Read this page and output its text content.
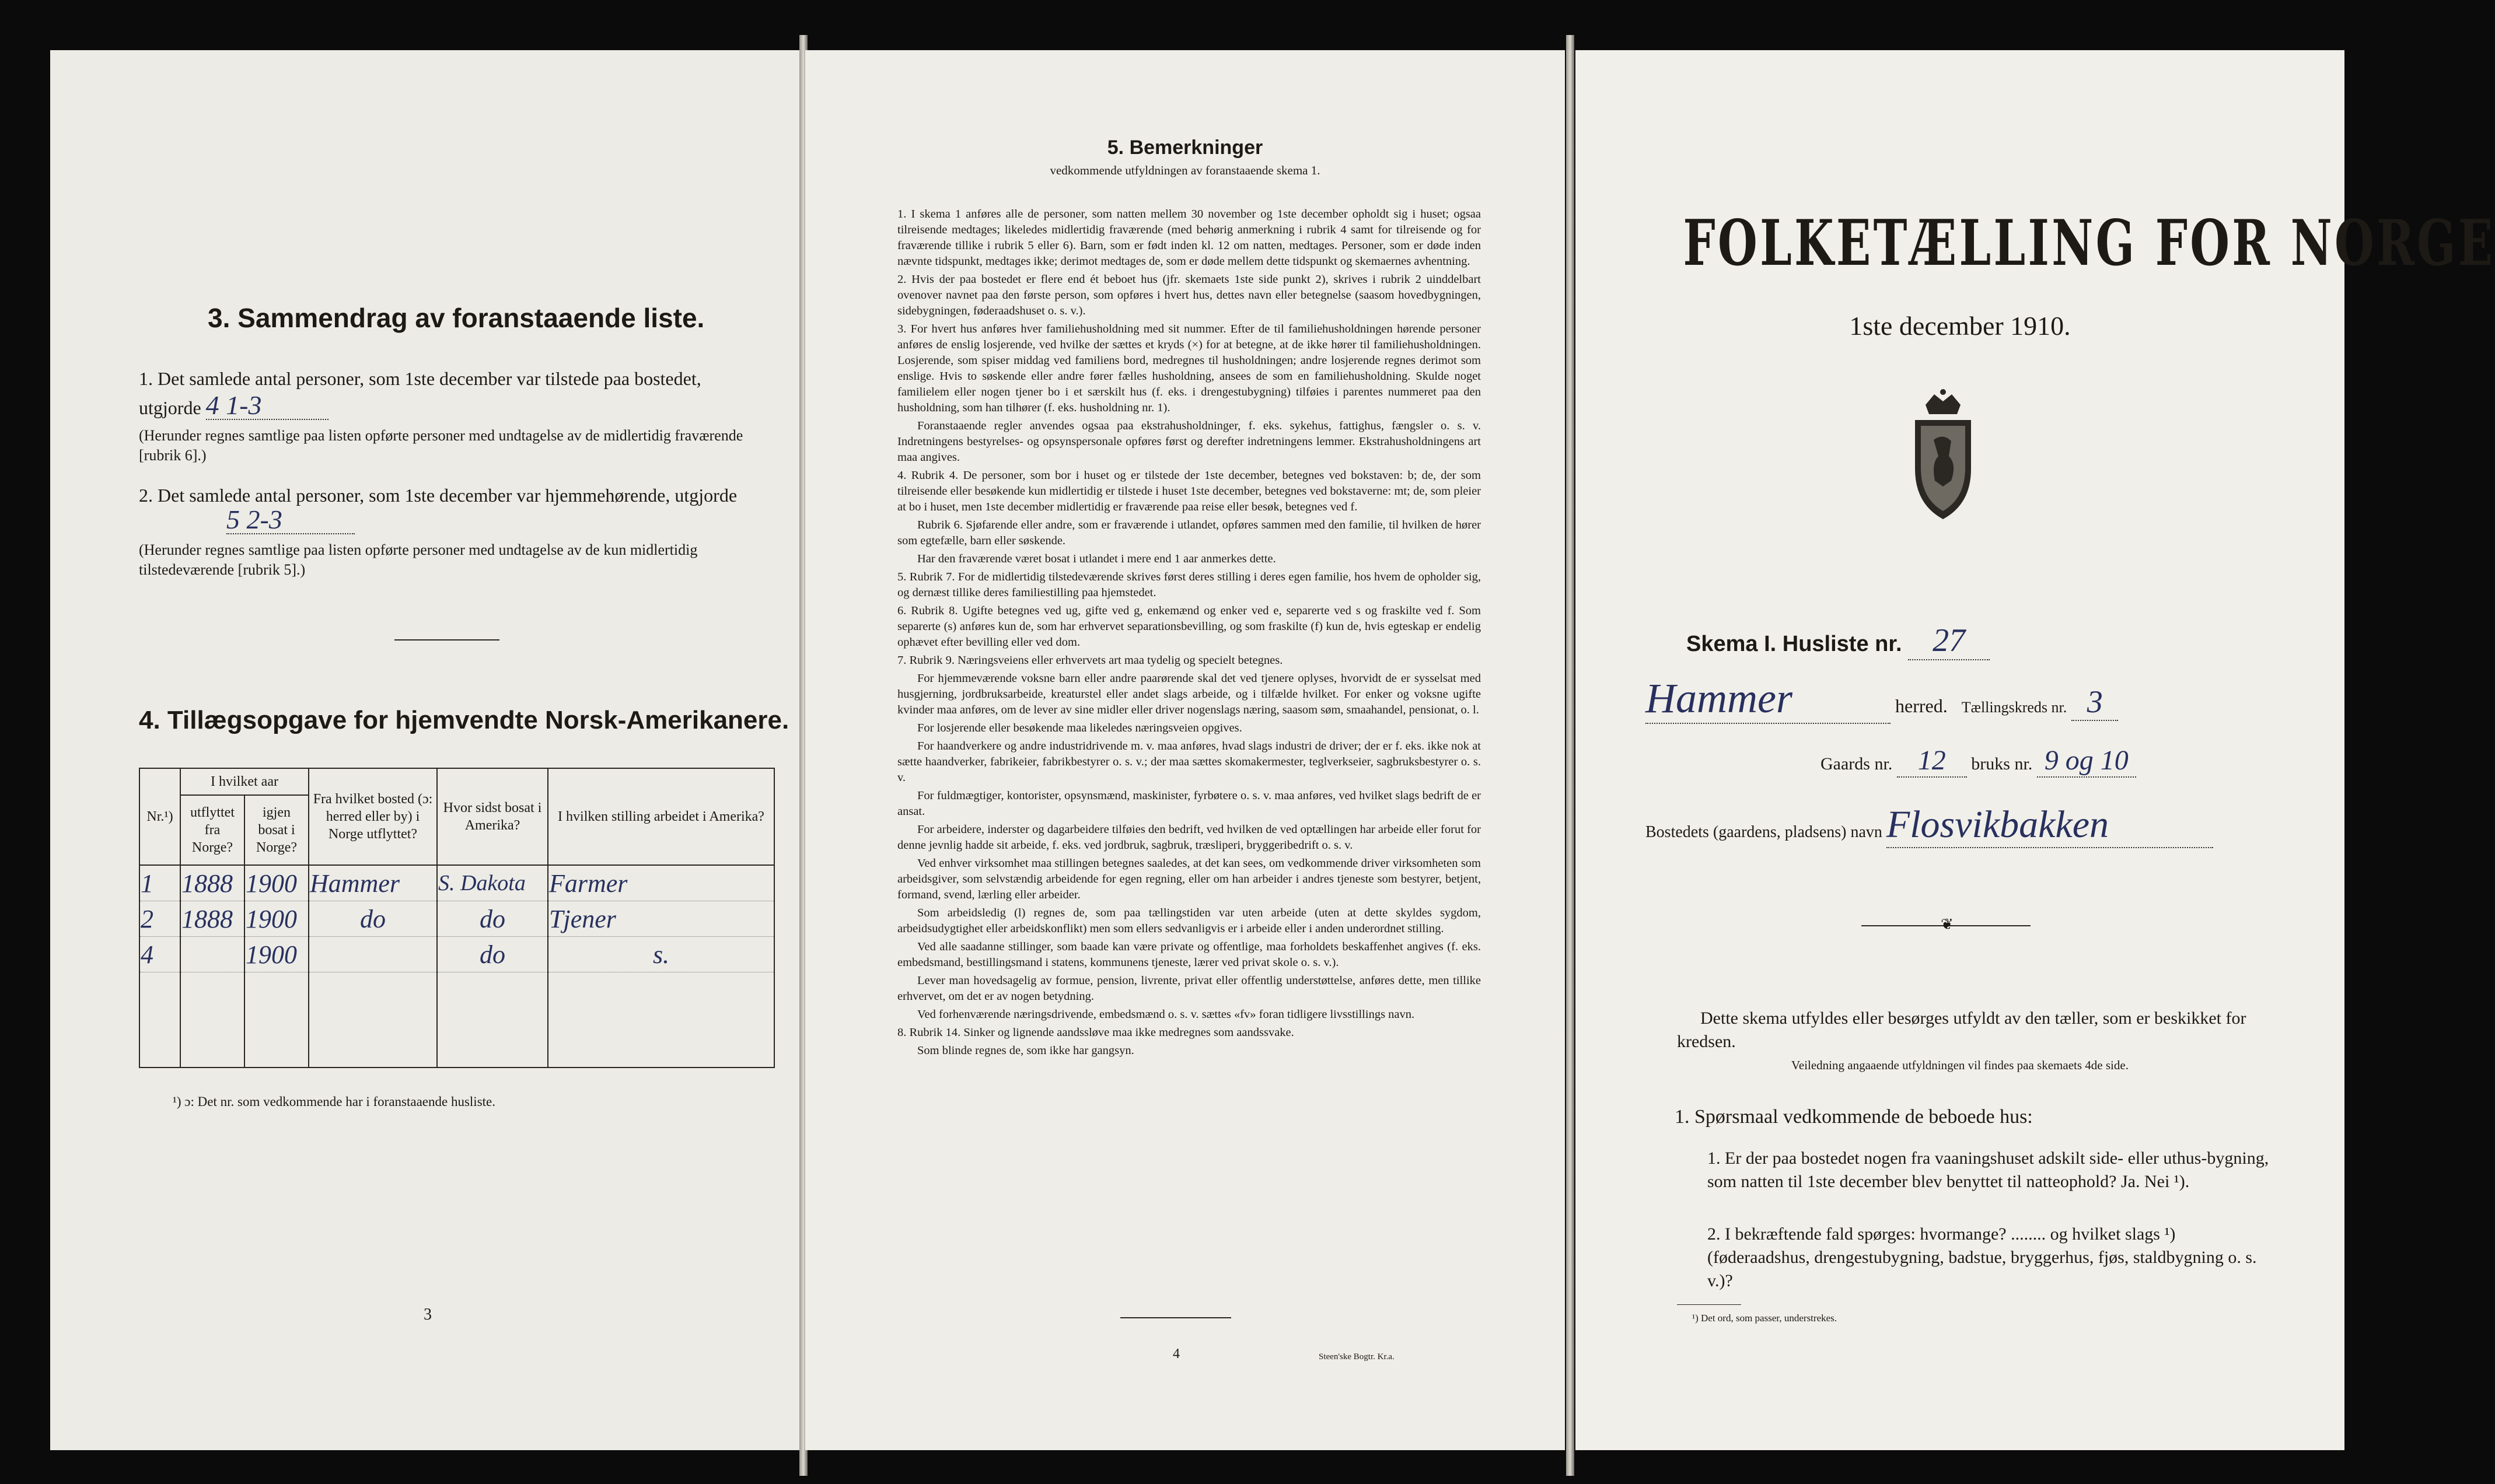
3. Sammendrag av foranstaaende liste.
1. Det samlede antal personer, som 1ste december var tilstede paa bostedet,
utgjorde 4 1-3
(Herunder regnes samtlige paa listen opførte personer med undtagelse av de midlertidig fraværende [rubrik 6].)
2. Det samlede antal personer, som 1ste december var hjemmehørende, utgjorde
5 2-3
(Herunder regnes samtlige paa listen opførte personer med undtagelse av de kun midlertidig tilstedeværende [rubrik 5].)
4. Tillægsopgave for hjemvendte Norsk-Amerikanere.
Nr.¹)	I hvilket aar		Fra hvilket bosted (ɔ: herred eller by) i Norge utflyttet?	Hvor sidst bosat i Amerika?	I hvilken stilling arbeidet i Amerika?
	utflyttet fra Norge?	igjen bosat i Norge?			
1	1888	1900	Hammer	S. Dakota	Farmer
2	1888	1900	do	do	Tjener
4		1900		do	s.

¹) ɔ: Det nr. som vedkommende har i foranstaaende husliste.
3
5. Bemerkninger
vedkommende utfyldningen av foranstaaende skema 1.

1. I skema 1 anføres alle de personer, som natten mellem 30 november og 1ste december opholdt sig i huset; ogsaa tilreisende medtages; likeledes midlertidig fraværende (med behørig anmerkning i rubrik 4 samt for tilreisende og for fraværende tillike i rubrik 5 eller 6). Barn, som er født inden kl. 12 om natten, medtages. Personer, som er døde inden nævnte tidspunkt, medtages ikke; derimot medtages de, som er døde mellem dette tidspunkt og skemaernes avhentning.

2. Hvis der paa bostedet er flere end ét beboet hus (jfr. skemaets 1ste side punkt 2), skrives i rubrik 2 uinddelbart ovenover navnet paa den første person, som opføres i hvert hus, dettes navn eller betegnelse (saasom hovedbygningen, sidebygningen, føderaadshuset o. s. v.).

3. For hvert hus anføres hver familiehusholdning med sit nummer. Efter de til familiehusholdningen hørende personer anføres de enslig losjerende, ved hvilke der sættes et kryds (×) for at betegne, at de ikke hører til familiehusholdningen. Losjerende, som spiser middag ved familiens bord, medregnes til husholdningen; andre losjerende regnes derimot som enslige. Hvis to søskende eller andre fører fælles husholdning, ansees de som en familiehusholdning. Skulde noget familielem eller nogen tjener bo i et særskilt hus (f. eks. i drengestubygning) tilføies i parentes nummeret paa den husholdning, som han tilhører (f. eks. husholdning nr. 1).

Foranstaaende regler anvendes ogsaa paa ekstrahusholdninger, f. eks. sykehus, fattighus, fængsler o. s. v. Indretningens bestyrelses- og opsynspersonale opføres først og derefter indretningens lemmer. Ekstrahusholdningens art maa angives.

4. Rubrik 4. De personer, som bor i huset og er tilstede der 1ste december, betegnes ved bokstaven: b; de, der som tilreisende eller besøkende kun midlertidig er tilstede i huset 1ste december, betegnes ved bokstaverne: mt; de, som pleier at bo i huset, men 1ste december midlertidig er fraværende paa reise eller besøk, betegnes ved f.

Rubrik 6. Sjøfarende eller andre, som er fraværende i utlandet, opføres sammen med den familie, til hvilken de hører som egtefælle, barn eller søskende.

Har den fraværende været bosat i utlandet i mere end 1 aar anmerkes dette.

5. Rubrik 7. For de midlertidig tilstedeværende skrives først deres stilling i deres egen familie, hos hvem de opholder sig, og dernæst tillike deres familiestilling paa hjemstedet.

6. Rubrik 8. Ugifte betegnes ved ug, gifte ved g, enkemænd og enker ved e, separerte ved s og fraskilte ved f. Som separerte (s) anføres kun de, som har erhvervet separationsbevilling, og som fraskilte (f) kun de, hvis egteskap er endelig ophævet efter bevilling eller ved dom.

7. Rubrik 9. Næringsveiens eller erhvervets art maa tydelig og specielt betegnes.

For hjemmeværende voksne barn eller andre paarørende skal det ved tjenere oplyses, hvorvidt de er sysselsat med husgjerning, jordbruksarbeide, kreaturstel eller andet slags arbeide, og i tilfælde hvilket. For enker og voksne ugifte kvinder maa anføres, om de lever av sine midler eller driver nogenslags næring, saasom søm, smaahandel, pensionat, o. l.

For losjerende eller besøkende maa likeledes næringsveien opgives.

For haandverkere og andre industridrivende m. v. maa anføres, hvad slags industri de driver; der er f. eks. ikke nok at sætte haandverker, fabrikeier, fabrikbestyrer o. s. v.; der maa sættes skomakermester, teglverkseier, sagbruksbestyrer o. s. v.

For fuldmægtiger, kontorister, opsynsmænd, maskinister, fyrbøtere o. s. v. maa anføres, ved hvilket slags bedrift de er ansat.

For arbeidere, inderster og dagarbeidere tilføies den bedrift, ved hvilken de ved optællingen har arbeide eller forut for denne jevnlig hadde sit arbeide, f. eks. ved jordbruk, sagbruk, træsliperi, bryggeribedrift o. s. v.

Ved enhver virksomhet maa stillingen betegnes saaledes, at det kan sees, om vedkommende driver virksomheten som arbeidsgiver, som selvstændig arbeidende for egen regning, eller om han arbeider i andres tjeneste som bestyrer, betjent, formand, svend, lærling eller arbeider.

Som arbeidsledig (l) regnes de, som paa tællingstiden var uten arbeide (uten at dette skyldes sygdom, arbeidsudygtighet eller arbeidskonflikt) men som ellers sedvanligvis er i arbeide eller i anden underordnet stilling.

Ved alle saadanne stillinger, som baade kan være private og offentlige, maa forholdets beskaffenhet angives (f. eks. embedsmand, bestillingsmand i statens, kommunens tjeneste, lærer ved privat skole o. s. v.).

Lever man hovedsagelig av formue, pension, livrente, privat eller offentlig understøttelse, anføres dette, men tillike erhvervet, om det er av nogen betydning.

Ved forhenværende næringsdrivende, embedsmænd o. s. v. sættes «fv» foran tidligere livsstillings navn.

8. Rubrik 14. Sinker og lignende aandssløve maa ikke medregnes som aandssvake.

Som blinde regnes de, som ikke har gangsyn.

4	Steen'ske Bogtr. Kr.a.
FOLKETÆLLING FOR NORGE
1ste december 1910.
Skema I. Husliste nr. 27
Hammer	herred. Tællingskreds nr. 3
Gaards nr. 12 bruks nr. 9 og 10
Bostedets (gaardens, pladsens) navn Flosvikbakken
❦
Dette skema utfyldes eller besørges utfyldt av den tæller, som er beskikket for kredsen.
Veiledning angaaende utfyldningen vil findes paa skemaets 4de side.
1. Spørsmaal vedkommende de beboede hus:
1. Er der paa bostedet nogen fra vaaningshuset adskilt side- eller uthus-bygning, som natten til 1ste december blev benyttet til natteophold? Ja. Nei ¹).
2. I bekræftende fald spørges: hvormange? ........ og hvilket slags ¹) (føderaadshus, drengestubygning, badstue, bryggerhus, fjøs, staldbygning o. s. v.)?
¹) Det ord, som passer, understrekes.
